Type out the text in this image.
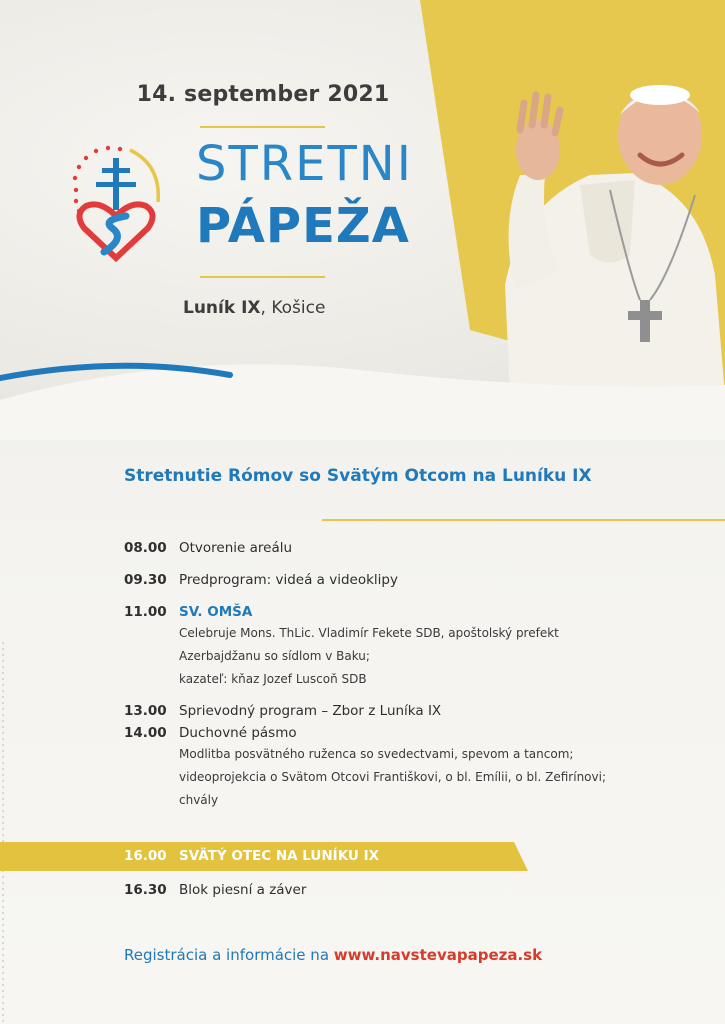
14. september 2021
STRETNI
PÁPEŽA
Luník IX, Košice
Stretnutie Rómov so Svätým Otcom na Luníku IX
08.00 Otvorenie areálu
09.30 Predprogram: videá a videoklipy
11.00 SV. OMŠA
Celebruje Mons. ThLic. Vladimír Fekete SDB, apoštolský prefekt
Azerbajdžanu so sídlom v Baku;
kazateľ: kňaz Jozef Luscoň SDB
13.00 Sprievodný program – Zbor z Luníka IX
14.00 Duchovné pásmo
Modlitba posvätného ruženca so svedectvami, spevom a tancom;
videoprojekcia o Svätom Otcovi Františkovi, o bl. Emílii, o bl. Zefirínovi;
chvály
16.00 SVÄTÝ OTEC NA LUNÍKU IX
16.30 Blok piesní a záver
Registrácia a informácie na www.navstevapapeza.sk
